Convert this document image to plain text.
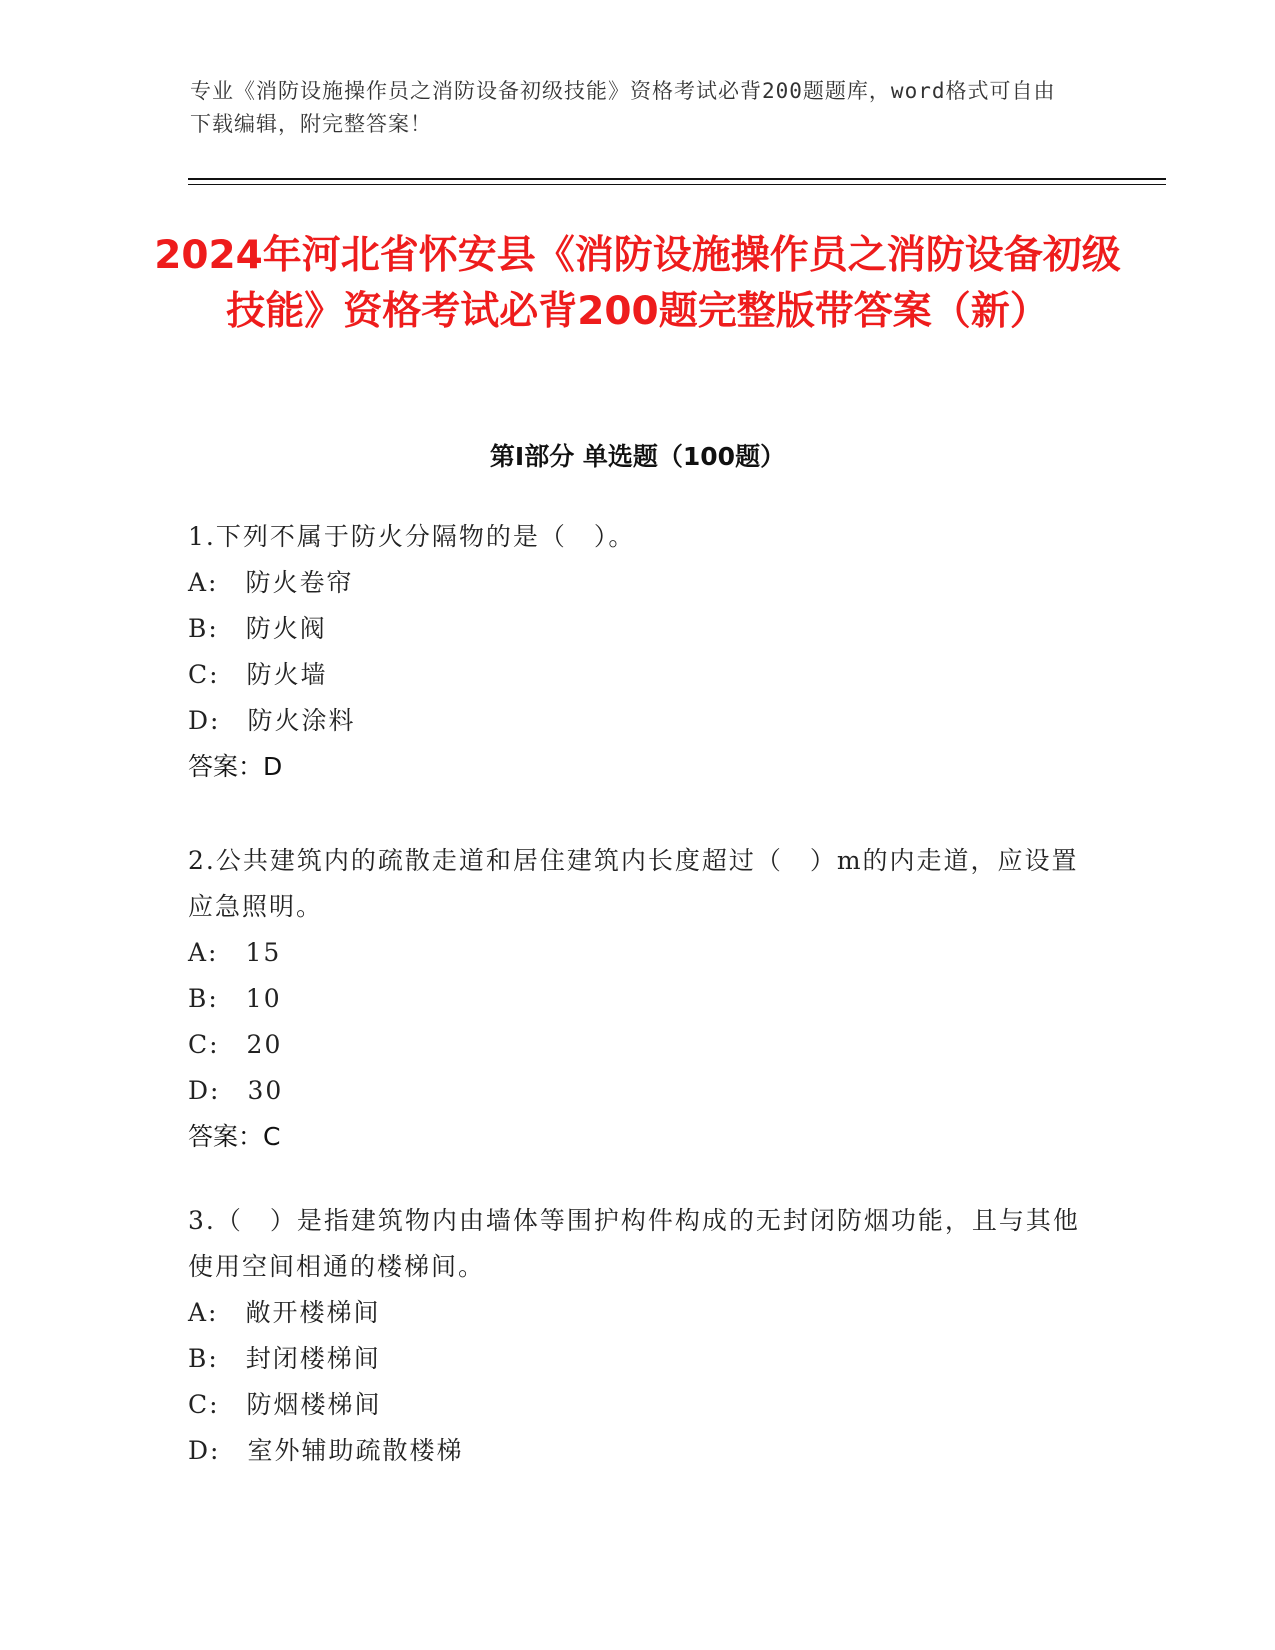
专业《消防设施操作员之消防设备初级技能》资格考试必背200题题库，word格式可自由下载编辑，附完整答案！
2024年河北省怀安县《消防设施操作员之消防设备初级技能》资格考试必背200题完整版带答案（新）
第Ⅰ部分 单选题（100题）
1.下列不属于防火分隔物的是（　）。
A:　防火卷帘
B:　防火阀
C:　防火墙
D:　防火涂料
答案：D
2.公共建筑内的疏散走道和居住建筑内长度超过（　）m的内走道，应设置应急照明。
A:　15
B:　10
C:　20
D:　30
答案：C
3.（　）是指建筑物内由墙体等围护构件构成的无封闭防烟功能，且与其他使用空间相通的楼梯间。
A:　敞开楼梯间
B:　封闭楼梯间
C:　防烟楼梯间
D:　室外辅助疏散楼梯
